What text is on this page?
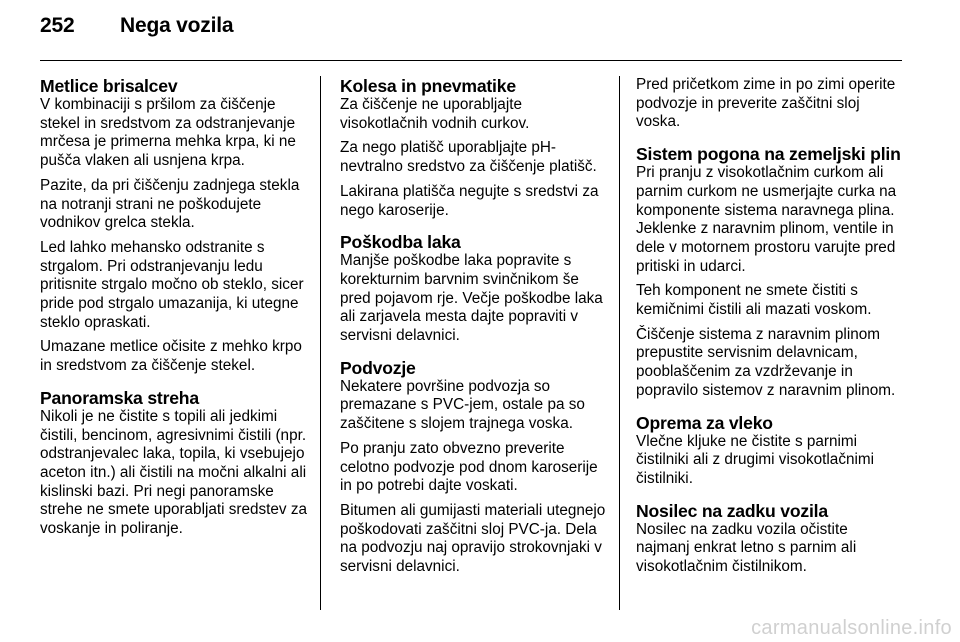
252	Nega vozila
Metlice brisalcev

V kombinaciji s pršilom za čiščenje stekel in sredstvom za odstranjevanje mrčesa je primerna mehka krpa, ki ne pušča vlaken ali usnjena krpa.

Pazite, da pri čiščenju zadnjega stekla na notranji strani ne poškodujete vodnikov grelca stekla.

Led lahko mehansko odstranite s strgalom. Pri odstranjevanju ledu pritisnite strgalo močno ob steklo, sicer pride pod strgalo umazanija, ki utegne steklo opraskati.

Umazane metlice očisite z mehko krpo in sredstvom za čiščenje stekel.

Panoramska streha

Nikoli je ne čistite s topili ali jedkimi čistili, bencinom, agresivnimi čistili (npr. odstranjevalec laka, topila, ki vsebujejo aceton itn.) ali čistili na močni alkalni ali kislinski bazi. Pri negi panoramske strehe ne smete uporabljati sredstev za voskanje in poliranje.

Kolesa in pnevmatike

Za čiščenje ne uporabljajte visokotlačnih vodnih curkov.

Za nego platišč uporabljajte pH-nevtralno sredstvo za čiščenje platišč.

Lakirana platišča negujte s sredstvi za nego karoserije.

Poškodba laka

Manjše poškodbe laka popravite s korekturnim barvnim svinčnikom še pred pojavom rje. Večje poškodbe laka ali zarjavela mesta dajte popraviti v servisni delavnici.

Podvozje

Nekatere površine podvozja so premazane s PVC-jem, ostale pa so zaščitene s slojem trajnega voska.

Po pranju zato obvezno preverite celotno podvozje pod dnom karoserije in po potrebi dajte voskati.

Bitumen ali gumijasti materiali utegnejo poškodovati zaščitni sloj PVC-ja. Dela na podvozju naj opravijo strokovnjaki v servisni delavnici.

Pred pričetkom zime in po zimi operite podvozje in preverite zaščitni sloj voska.

Sistem pogona na zemeljski plin

Pri pranju z visokotlačnim curkom ali parnim curkom ne usmerjajte curka na komponente sistema naravnega plina. Jeklenke z naravnim plinom, ventile in dele v motornem prostoru varujte pred pritiski in udarci.

Teh komponent ne smete čistiti s kemičnimi čistili ali mazati voskom.

Čiščenje sistema z naravnim plinom prepustite servisnim delavnicam, pooblaščenim za vzdrževanje in popravilo sistemov z naravnim plinom.

Oprema za vleko

Vlečne kljuke ne čistite s parnimi čistilniki ali z drugimi visokotlačnimi čistilniki.

Nosilec na zadku vozila

Nosilec na zadku vozila očistite najmanj enkrat letno s parnim ali visokotlačnim čistilnikom.

carmanualsonline.info
